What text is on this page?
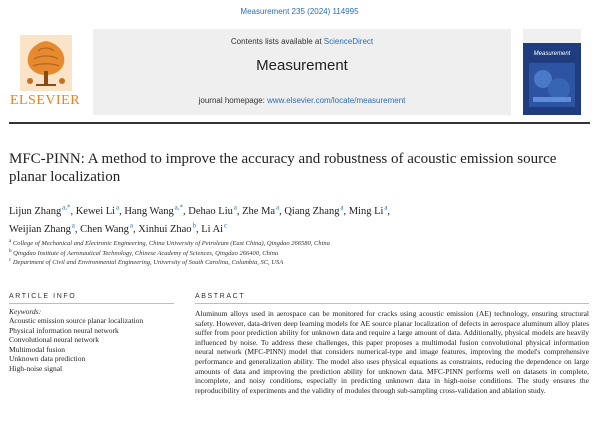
Measurement 235 (2024) 114995
ELSEVIER
Contents lists available at ScienceDirect
Measurement
journal homepage: www.elsevier.com/locate/measurement
Measurement
MFC-PINN: A method to improve the accuracy and robustness of acoustic emission source planar localization
Lijun Zhang $^{a,*}$, Kewei Li $^a$, Hang Wang $^{a,*}$, Dehao Liu $^a$, Zhe Ma $^a$, Qiang Zhang $^a$, Ming Li $^a$,
Weijian Zhang $^a$, Chen Wang $^a$, Xinhui Zhao $^b$, Li Ai $^c$
$^a$ College of Mechanical and Electronic Engineering, China University of Petroleum (East China), Qingdao 266580, China
$^b$ Qingdao Institute of Aeronautical Technology, Chinese Academy of Sciences, Qingdao 266400, China
$^c$ Department of Civil and Environmental Engineering, University of South Carolina, Columbia, SC, USA
ARTICLE INFO	ABSTRACT
Keywords:
Acoustic emission source planar localization
Physical information neural network
Convolutional neural network
Multimodal fusion
Unknown data prediction
High-noise signal
Aluminum alloys used in aerospace can be monitored for cracks using acoustic emission (AE) technology, ensuring structural safety. However, data-driven deep learning models for AE source planar localization of defects in aerospace aluminum alloy plates suffer from poor prediction ability for unknown data and require a large amount of data. Additionally, physical models are heavily influenced by noise. To address these challenges, this paper proposes a multimodal fusion convolutional physical information neural network (MFC-PINN) model that considers numerical-type and image features, improving the model's comprehensive performance and generalization ability. The model also uses physical equations as constraints, reducing the dependence on large amounts of data and improving the prediction ability for unknown data. MFC-PINN performs well on datasets in complete, incomplete, and noisy conditions, especially in predicting unknown data in high-noise conditions. The study ensures the reproducibility of experiments and the validity of modules through sub-sampling cross-validation and ablation study.
